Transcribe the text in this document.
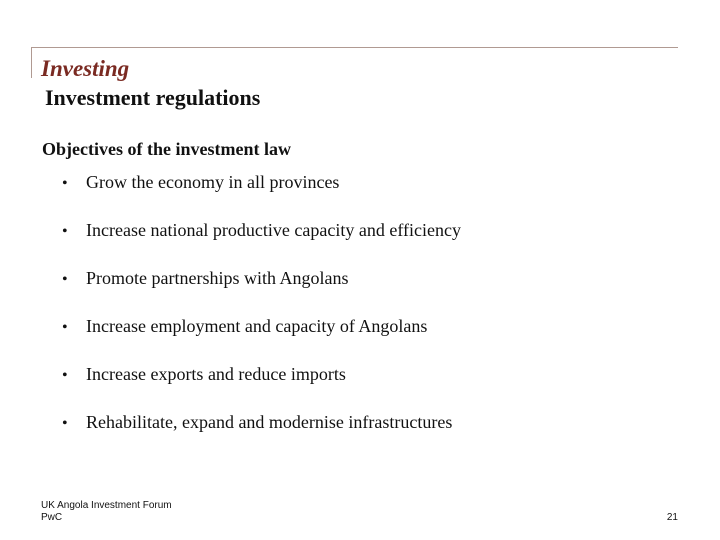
Investing
Investment regulations
Objectives of the investment law
• Grow the economy in all provinces
• Increase national productive capacity and efficiency
• Promote partnerships with Angolans
• Increase employment and capacity of Angolans
• Increase exports and reduce imports
• Rehabilitate, expand and modernise infrastructures
UK Angola Investment Forum
PwC	21
